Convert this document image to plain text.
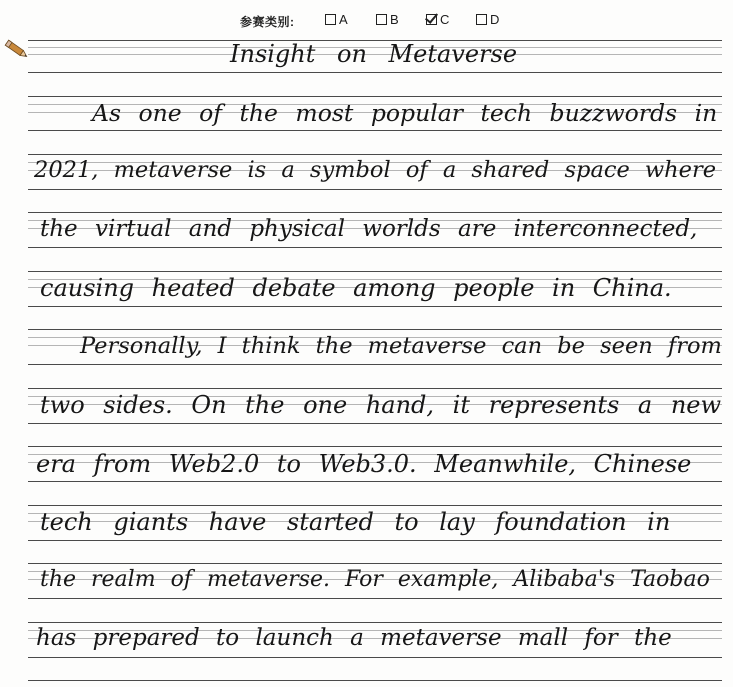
参赛类别:	A	B	C	D
Insight on Metaverse
As one of the most popular tech buzzwords in
2021, metaverse is a symbol of a shared space where
the virtual and physical worlds are interconnected,
causing heated debate among people in China.
Personally, I think the metaverse can be seen from
two sides. On the one hand, it represents a new
era from Web2.0 to Web3.0. Meanwhile, Chinese
tech giants have started to lay foundation in
the realm of metaverse. For example, Alibaba's Taobao
has prepared to launch a metaverse mall for the
